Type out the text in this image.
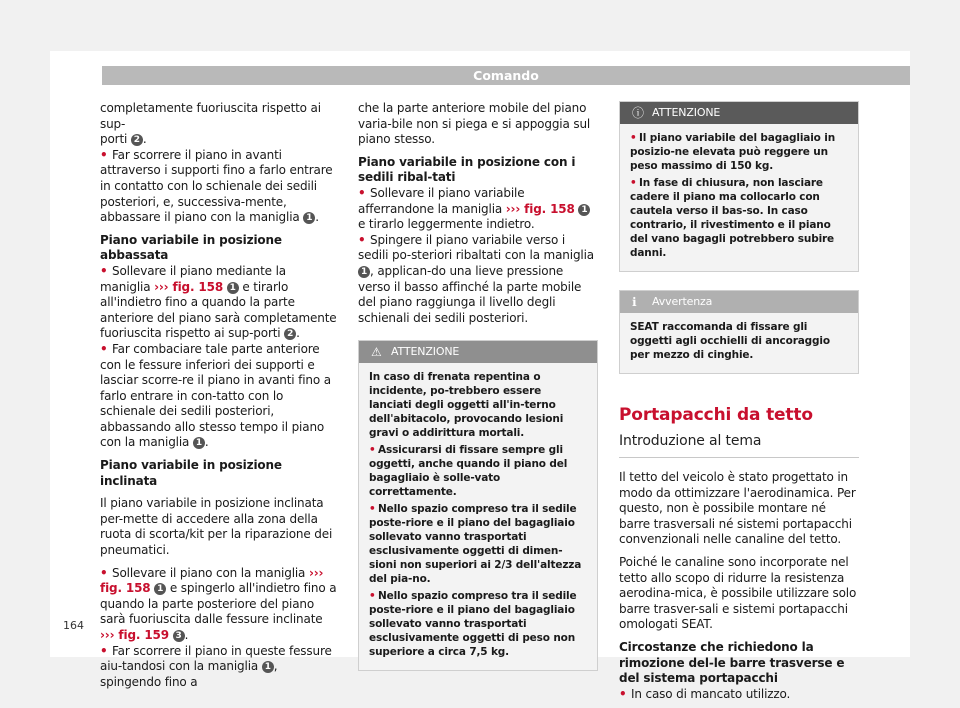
Comando

completamente fuoriuscita rispetto ai sup-
porti 2 .

• Far scorrere il piano in avanti attraverso i supporti fino a farlo entrare in contatto con lo schienale dei sedili posteriori, e, successiva-mente, abbassare il piano con la maniglia 1 .

Piano variabile in posizione abbassata

• Sollevare il piano mediante la maniglia ››› fig. 158 1 e tirarlo all'indietro fino a quando la parte anteriore del piano sarà completamente fuoriuscita rispetto ai sup-porti 2 .

• Far combaciare tale parte anteriore con le fessure inferiori dei supporti e lasciar scorre-re il piano in avanti fino a farlo entrare in con-tatto con lo schienale dei sedili posteriori, abbassando allo stesso tempo il piano con la maniglia 1 .

Piano variabile in posizione inclinata

Il piano variabile in posizione inclinata per-mette di accedere alla zona della ruota di scorta/kit per la riparazione dei pneumatici.

• Sollevare il piano con la maniglia ››› fig. 158 1 e spingerlo all'indietro fino a quando la parte posteriore del piano sarà fuoriuscita dalle fessure inclinate ››› fig. 159 3 .

• Far scorrere il piano in queste fessure aiu-tandosi con la maniglia 1 , spingendo fino a

che la parte anteriore mobile del piano varia-bile non si piega e si appoggia sul piano stesso.

Piano variabile in posizione con i sedili ribal-tati

• Sollevare il piano variabile afferrandone la maniglia ››› fig. 158 1 e tirarlo leggermente indietro.

• Spingere il piano variabile verso i sedili po-steriori ribaltati con la maniglia 1 , applican-do una lieve pressione verso il basso affinché la parte mobile del piano raggiunga il livello degli schienali dei sedili posteriori.

⚠ ATTENZIONE

In caso di frenata repentina o incidente, po-trebbero essere lanciati degli oggetti all'in-terno dell'abitacolo, provocando lesioni gravi o addirittura mortali.

• Assicurarsi di fissare sempre gli oggetti, anche quando il piano del bagagliaio è solle-vato correttamente.

• Nello spazio compreso tra il sedile poste-riore e il piano del bagagliaio sollevato vanno trasportati esclusivamente oggetti di dimen-sioni non superiori ai 2/3 dell'altezza del pia-no.

• Nello spazio compreso tra il sedile poste-riore e il piano del bagagliaio sollevato vanno trasportati esclusivamente oggetti di peso non superiore a circa 7,5 kg.

ⓘ ATTENZIONE

• Il piano variabile del bagagliaio in posizio-ne elevata può reggere un peso massimo di 150 kg.

• In fase di chiusura, non lasciare cadere il piano ma collocarlo con cautela verso il bas-so. In caso contrario, il rivestimento e il piano del vano bagagli potrebbero subire danni.

ℹ Avvertenza

SEAT raccomanda di fissare gli oggetti agli occhielli di ancoraggio per mezzo di cinghie.

Portapacchi da tetto
Introduzione al tema

Il tetto del veicolo è stato progettato in modo da ottimizzare l'aerodinamica. Per questo, non è possibile montare né barre trasversali né sistemi portapacchi convenzionali nelle canaline del tetto.

Poiché le canaline sono incorporate nel tetto allo scopo di ridurre la resistenza aerodina-mica, è possibile utilizzare solo barre trasver-sali e sistemi portapacchi omologati SEAT.

Circostanze che richiedono la rimozione del-le barre trasverse e del sistema portapacchi

• In caso di mancato utilizzo.

164
